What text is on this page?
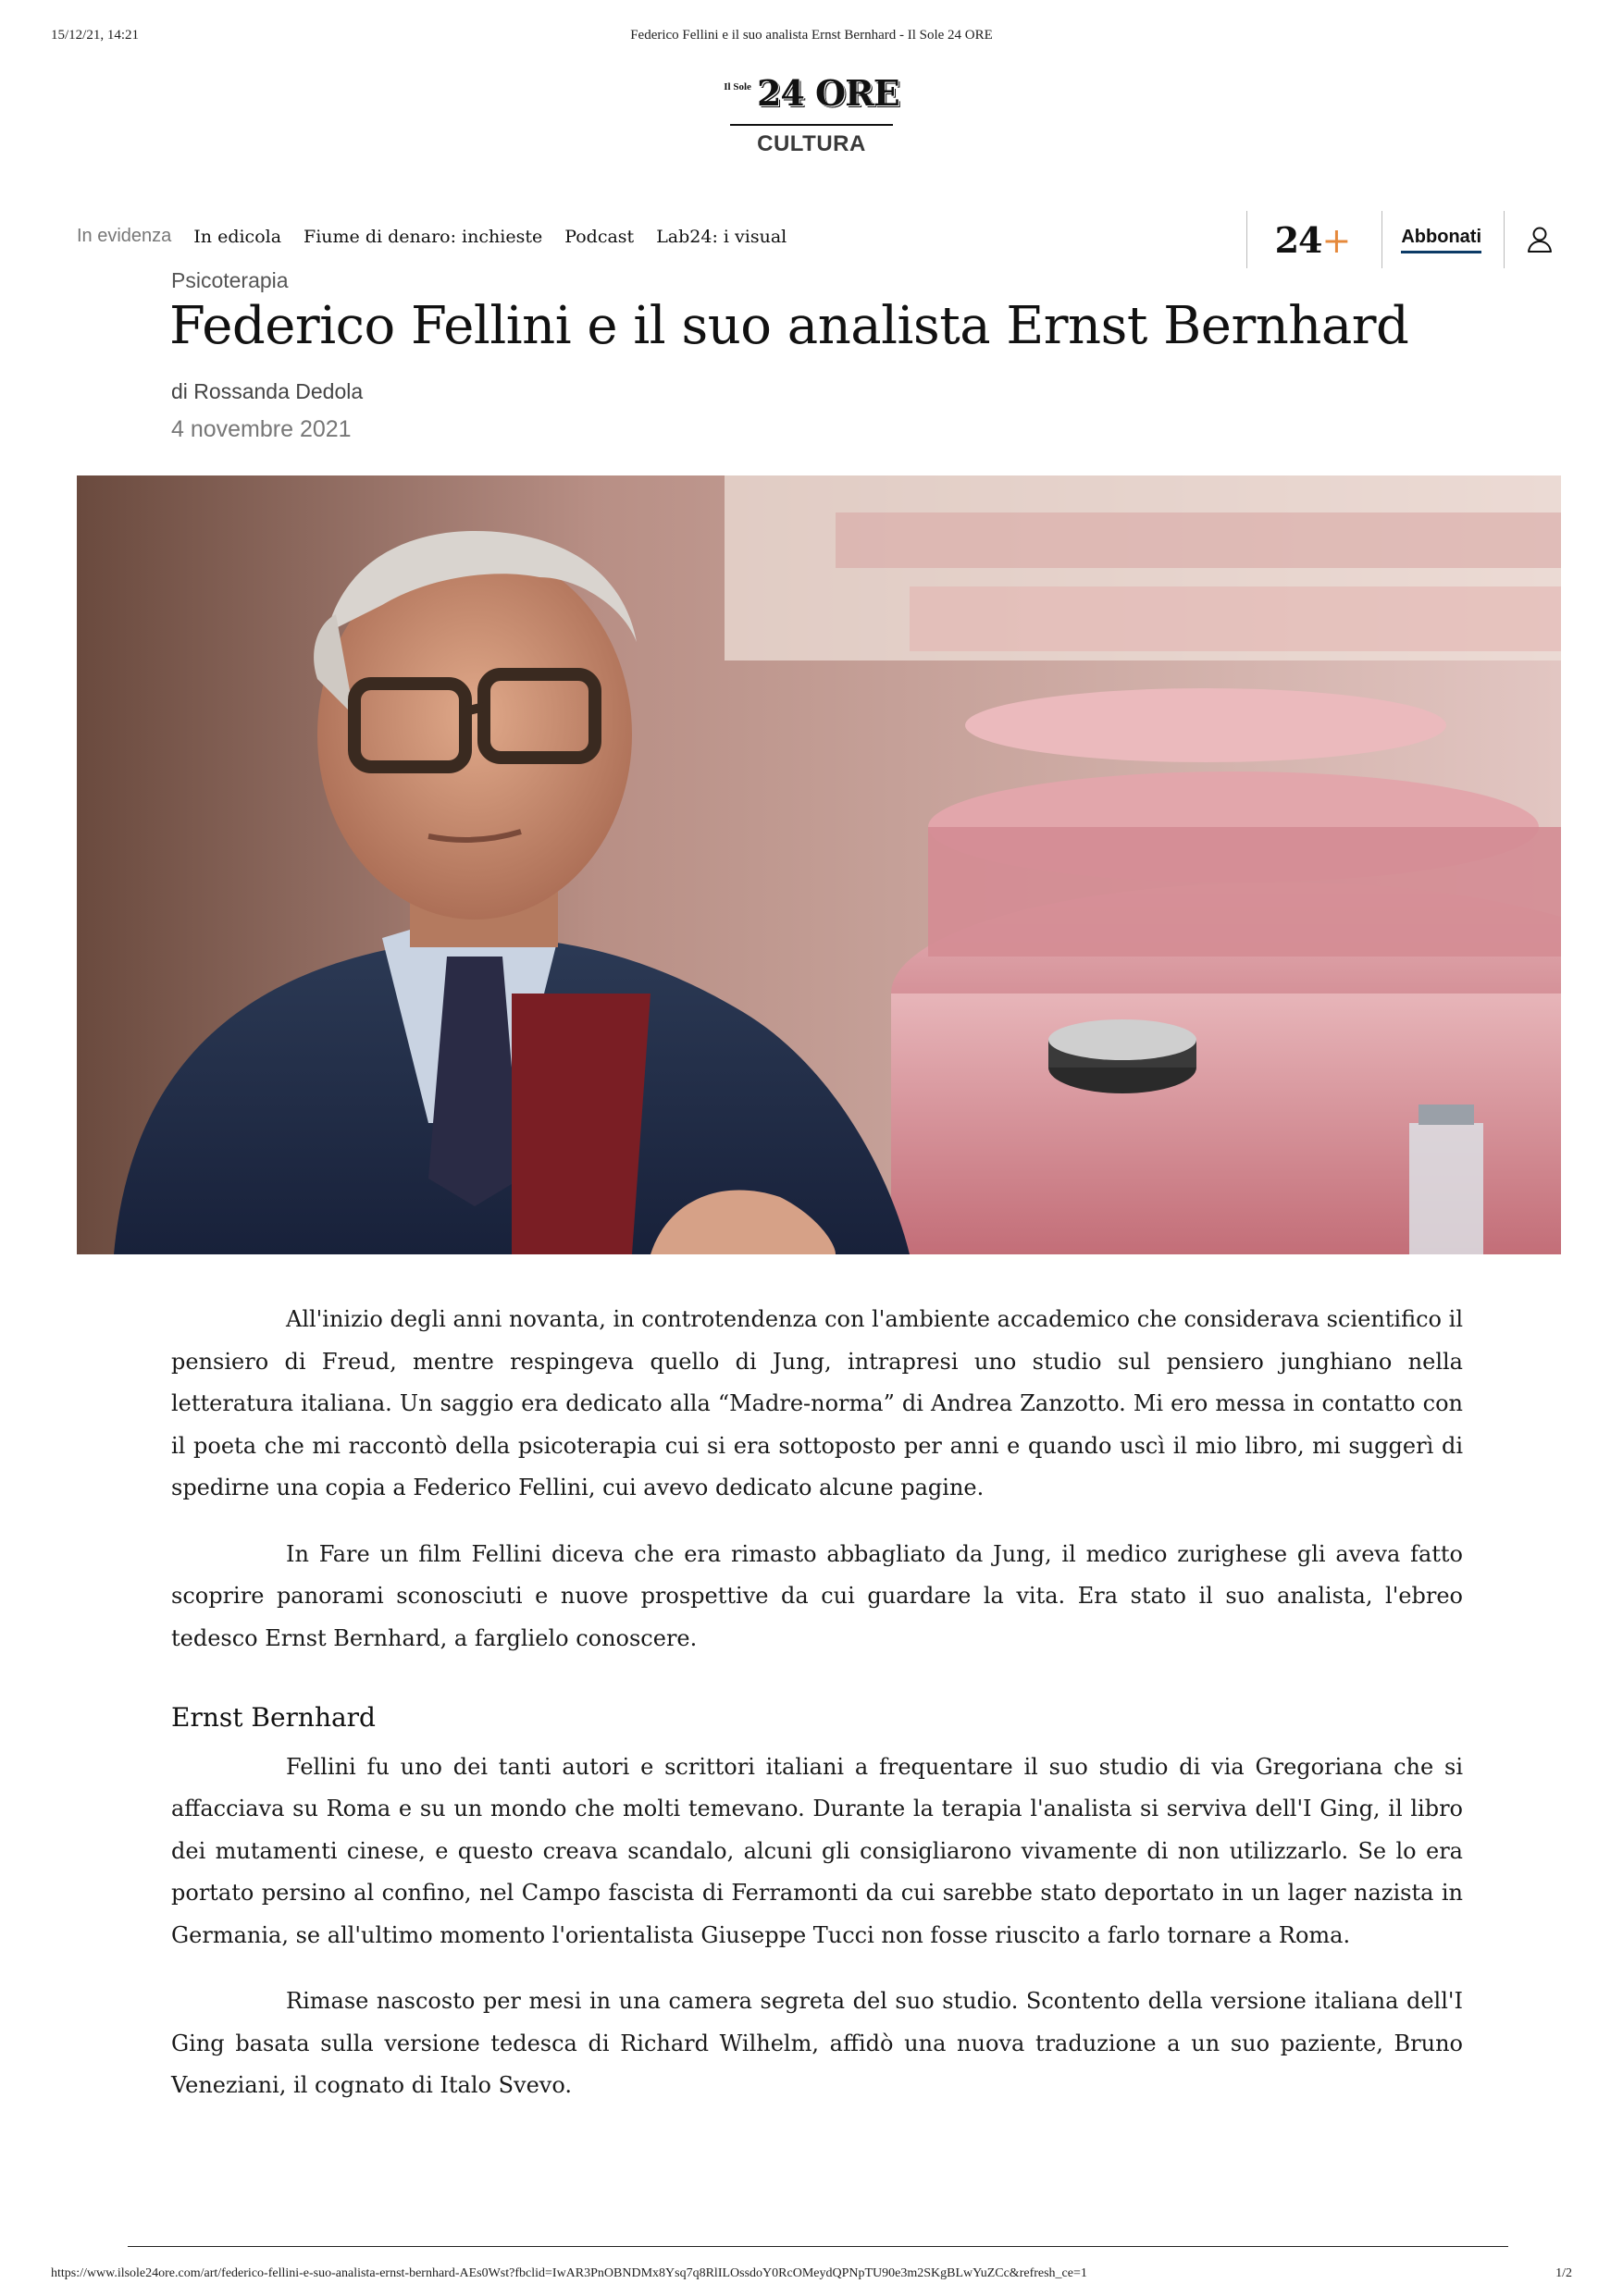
15/12/21, 14:21	Federico Fellini e il suo analista Ernst Bernhard - Il Sole 24 ORE
Il Sole 24 ORE
CULTURA
In evidenza In edicola Fiume di denaro: inchieste Podcast Lab24: i visual	24+	Abbonati
Psicoterapia
Federico Fellini e il suo analista Ernst Bernhard
di Rossanda Dedola
4 novembre 2021

All'inizio degli anni novanta, in controtendenza con l'ambiente accademico che considerava scientifico il pensiero di Freud, mentre respingeva quello di Jung, intrapresi uno studio sul pensiero junghiano nella letteratura italiana. Un saggio era dedicato alla “Madre-norma” di Andrea Zanzotto. Mi ero messa in contatto con il poeta che mi raccontò della psicoterapia cui si era sottoposto per anni e quando uscì il mio libro, mi suggerì di spedirne una copia a Federico Fellini, cui avevo dedicato alcune pagine.

In Fare un film Fellini diceva che era rimasto abbagliato da Jung, il medico zurighese gli aveva fatto scoprire panorami sconosciuti e nuove prospettive da cui guardare la vita. Era stato il suo analista, l'ebreo tedesco Ernst Bernhard, a farglielo conoscere.

Ernst Bernhard

Fellini fu uno dei tanti autori e scrittori italiani a frequentare il suo studio di via Gregoriana che si affacciava su Roma e su un mondo che molti temevano. Durante la terapia l'analista si serviva dell'I Ging, il libro dei mutamenti cinese, e questo creava scandalo, alcuni gli consigliarono vivamente di non utilizzarlo. Se lo era portato persino al confino, nel Campo fascista di Ferramonti da cui sarebbe stato deportato in un lager nazista in Germania, se all'ultimo momento l'orientalista Giuseppe Tucci non fosse riuscito a farlo tornare a Roma.

Rimase nascosto per mesi in una camera segreta del suo studio. Scontento della versione italiana dell'I Ging basata sulla versione tedesca di Richard Wilhelm, affidò una nuova traduzione a un suo paziente, Bruno Veneziani, il cognato di Italo Svevo.

https://www.ilsole24ore.com/art/federico-fellini-e-suo-analista-ernst-bernhard-AEs0Wst?fbclid=IwAR3PnOBNDMx8Ysq7q8RlILOssdoY0RcOMeydQPNpTU90e3m2SKgBLwYuZCc&refresh_ce=1	1/2
